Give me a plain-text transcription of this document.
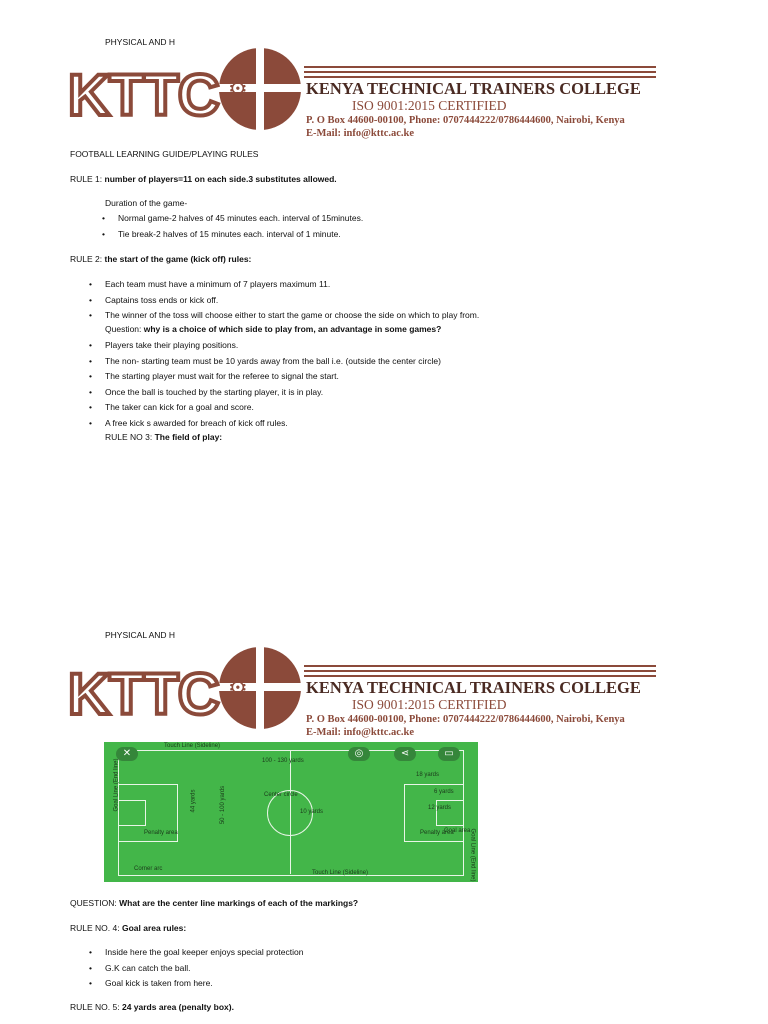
PHYSICAL AND H
⚙
KTTC	KENYA TECHNICAL TRAINERS COLLEGE
ISO 9001:2015 CERTIFIED
P. O Box 44600-00100, Phone: 0707444222/0786444600, Nairobi, Kenya
E-Mail: info@kttc.ac.ke
FOOTBALL LEARNING GUIDE/PLAYING RULES
RULE 1: number of players=11 on each side.3 substitutes allowed.
Duration of the game-
• Normal game-2 halves of 45 minutes each. interval of 15minutes.
• Tie break-2 halves of 15 minutes each. interval of 1 minute.
RULE 2: the start of the game (kick off) rules:
• Each team must have a minimum of 7 players maximum 11.
• Captains toss ends or kick off.
• The winner of the toss will choose either to start the game or choose the side on which to play from.
Question: why is a choice of which side to play from, an advantage in some games?
• Players take their playing positions.
• The non- starting team must be 10 yards away from the ball i.e. (outside the center circle)
• The starting player must wait for the referee to signal the start.
• Once the ball is touched by the starting player, it is in play.
• The taker can kick for a goal and score.
• A free kick s awarded for breach of kick off rules.
RULE NO 3: The field of play:
PHYSICAL AND H
⚙
KTTC	KENYA TECHNICAL TRAINERS COLLEGE
ISO 9001:2015 CERTIFIED
P. O Box 44600-00100, Phone: 0707444222/0786444600, Nairobi, Kenya
E-Mail: info@kttc.ac.ke
✕	◎	⋖	▭
Touch Line (Sideline)
100 - 130 yards
Center circle
10 yards
18 yards
6 yards
12 yards
Penalty area
Penalty area	Goal area
Corner arc
Touch Line (Sideline)
44 yards	50 - 100 yards
Goal Line (End line)
Goal Line (End line)
QUESTION: What are the center line markings of each of the markings?
RULE NO. 4: Goal area rules:
• Inside here the goal keeper enjoys special protection
• G.K can catch the ball.
• Goal kick is taken from here.
RULE NO. 5: 24 yards area (penalty box).
